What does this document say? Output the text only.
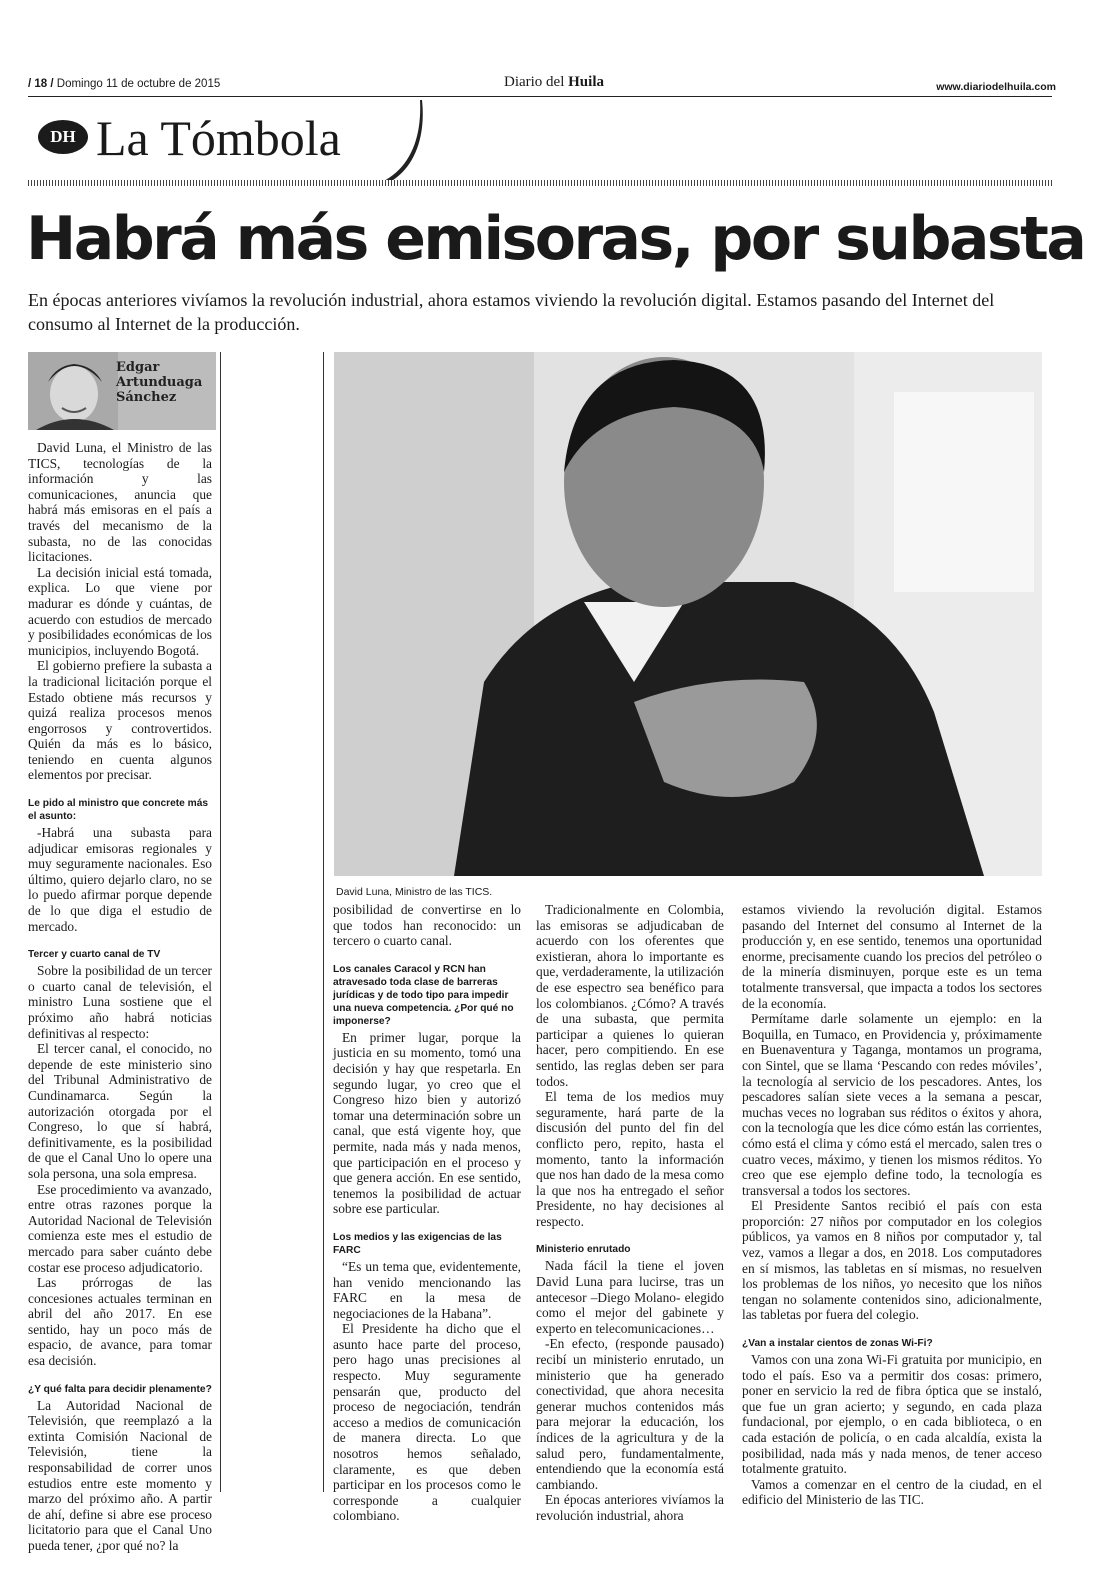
/ 18 / Domingo 11 de octubre de 2015	Diario del Huila	www.diariodelhuila.com
DH La Tómbola
Habrá más emisoras, por subasta
En épocas anteriores vivíamos la revolución industrial, ahora estamos viviendo la revolución digital. Estamos pasando del Internet del consumo al Internet de la producción.
Edgar
Artunduaga
Sánchez
David Luna, Ministro de las TICS.

David Luna, el Ministro de las TICS, tecnologías de la información y las comunicaciones, anuncia que habrá más emisoras en el país a través del mecanismo de la subasta, no de las conocidas licitaciones.

La decisión inicial está tomada, explica. Lo que viene por madurar es dónde y cuántas, de acuerdo con estudios de mercado y posibilidades económicas de los municipios, incluyendo Bogotá.

El gobierno prefiere la subasta a la tradicional licitación porque el Estado obtiene más recursos y quizá realiza procesos menos engorrosos y controvertidos. Quién da más es lo básico, teniendo en cuenta algunos elementos por precisar.

Le pido al ministro que concrete más el asunto:

-Habrá una subasta para adjudicar emisoras regionales y muy seguramente nacionales. Eso último, quiero dejarlo claro, no se lo puedo afirmar porque depende de lo que diga el estudio de mercado.

Tercer y cuarto canal de TV

Sobre la posibilidad de un tercer o cuarto canal de televisión, el ministro Luna sostiene que el próximo año habrá noticias definitivas al respecto:

El tercer canal, el conocido, no depende de este ministerio sino del Tribunal Administrativo de Cundinamarca. Según la autorización otorgada por el Congreso, lo que sí habrá, definitivamente, es la posibilidad de que el Canal Uno lo opere una sola persona, una sola empresa.

Ese procedimiento va avanzado, entre otras razones porque la Autoridad Nacional de Televisión comienza este mes el estudio de mercado para saber cuánto debe costar ese proceso adjudicatorio.

Las prórrogas de las concesiones actuales terminan en abril del año 2017. En ese sentido, hay un poco más de espacio, de avance, para tomar esa decisión.

¿Y qué falta para decidir plenamente?

La Autoridad Nacional de Televisión, que reemplazó a la extinta Comisión Nacional de Televisión, tiene la responsabilidad de correr unos estudios entre este momento y marzo del próximo año. A partir de ahí, define si abre ese proceso licitatorio para que el Canal Uno pueda tener, ¿por qué no? la

posibilidad de convertirse en lo que todos han reconocido: un tercero o cuarto canal.

Los canales Caracol y RCN han atravesado toda clase de barreras jurídicas y de todo tipo para impedir una nueva competencia. ¿Por qué no imponerse?

En primer lugar, porque la justicia en su momento, tomó una decisión y hay que respetarla. En segundo lugar, yo creo que el Congreso hizo bien y autorizó tomar una determinación sobre un canal, que está vigente hoy, que permite, nada más y nada menos, que participación en el proceso y que genera acción. En ese sentido, tenemos la posibilidad de actuar sobre ese particular.

Los medios y las exigencias de las FARC

“Es un tema que, evidentemente, han venido mencionando las FARC en la mesa de negociaciones de la Habana”.

El Presidente ha dicho que el asunto hace parte del proceso, pero hago unas precisiones al respecto. Muy seguramente pensarán que, producto del proceso de negociación, tendrán acceso a medios de comunicación de manera directa. Lo que nosotros hemos señalado, claramente, es que deben participar en los procesos como le corresponde a cualquier colombiano.

Tradicionalmente en Colombia, las emisoras se adjudicaban de acuerdo con los oferentes que existieran, ahora lo importante es que, verdaderamente, la utilización de ese espectro sea benéfico para los colombianos. ¿Cómo? A través de una subasta, que permita participar a quienes lo quieran hacer, pero compitiendo. En ese sentido, las reglas deben ser para todos.

El tema de los medios muy seguramente, hará parte de la discusión del punto del fin del conflicto pero, repito, hasta el momento, tanto la información que nos han dado de la mesa como la que nos ha entregado el señor Presidente, no hay decisiones al respecto.

Ministerio enrutado

Nada fácil la tiene el joven David Luna para lucirse, tras un antecesor –Diego Molano- elegido como el mejor del gabinete y experto en telecomunicaciones…

-En efecto, (responde pausado) recibí un ministerio enrutado, un ministerio que ha generado conectividad, que ahora necesita generar muchos contenidos más para mejorar la educación, los índices de la agricultura y de la salud pero, fundamentalmente, entendiendo que la economía está cambiando.

En épocas anteriores vivíamos la revolución industrial, ahora

estamos viviendo la revolución digital. Estamos pasando del Internet del consumo al Internet de la producción y, en ese sentido, tenemos una oportunidad enorme, precisamente cuando los precios del petróleo o de la minería disminuyen, porque este es un tema totalmente transversal, que impacta a todos los sectores de la economía.

Permítame darle solamente un ejemplo: en la Boquilla, en Tumaco, en Providencia y, próximamente en Buenaventura y Taganga, montamos un programa, con Sintel, que se llama ‘Pescando con redes móviles’, la tecnología al servicio de los pescadores. Antes, los pescadores salían siete veces a la semana a pescar, muchas veces no lograban sus réditos o éxitos y ahora, con la tecnología que les dice cómo están las corrientes, cómo está el clima y cómo está el mercado, salen tres o cuatro veces, máximo, y tienen los mismos réditos. Yo creo que ese ejemplo define todo, la tecnología es transversal a todos los sectores.

El Presidente Santos recibió el país con esta proporción: 27 niños por computador en los colegios públicos, ya vamos en 8 niños por computador y, tal vez, vamos a llegar a dos, en 2018. Los computadores en sí mismos, las tabletas en sí mismas, no resuelven los problemas de los niños, yo necesito que los niños tengan no solamente contenidos sino, adicionalmente, las tabletas por fuera del colegio.

¿Van a instalar cientos de zonas Wi-Fi?

Vamos con una zona Wi-Fi gratuita por municipio, en todo el país. Eso va a permitir dos cosas: primero, poner en servicio la red de fibra óptica que se instaló, que fue un gran acierto; y segundo, en cada plaza fundacional, por ejemplo, o en cada biblioteca, o en cada estación de policía, o en cada alcaldía, exista la posibilidad, nada más y nada menos, de tener acceso totalmente gratuito.

Vamos a comenzar en el centro de la ciudad, en el edificio del Ministerio de las TIC.
